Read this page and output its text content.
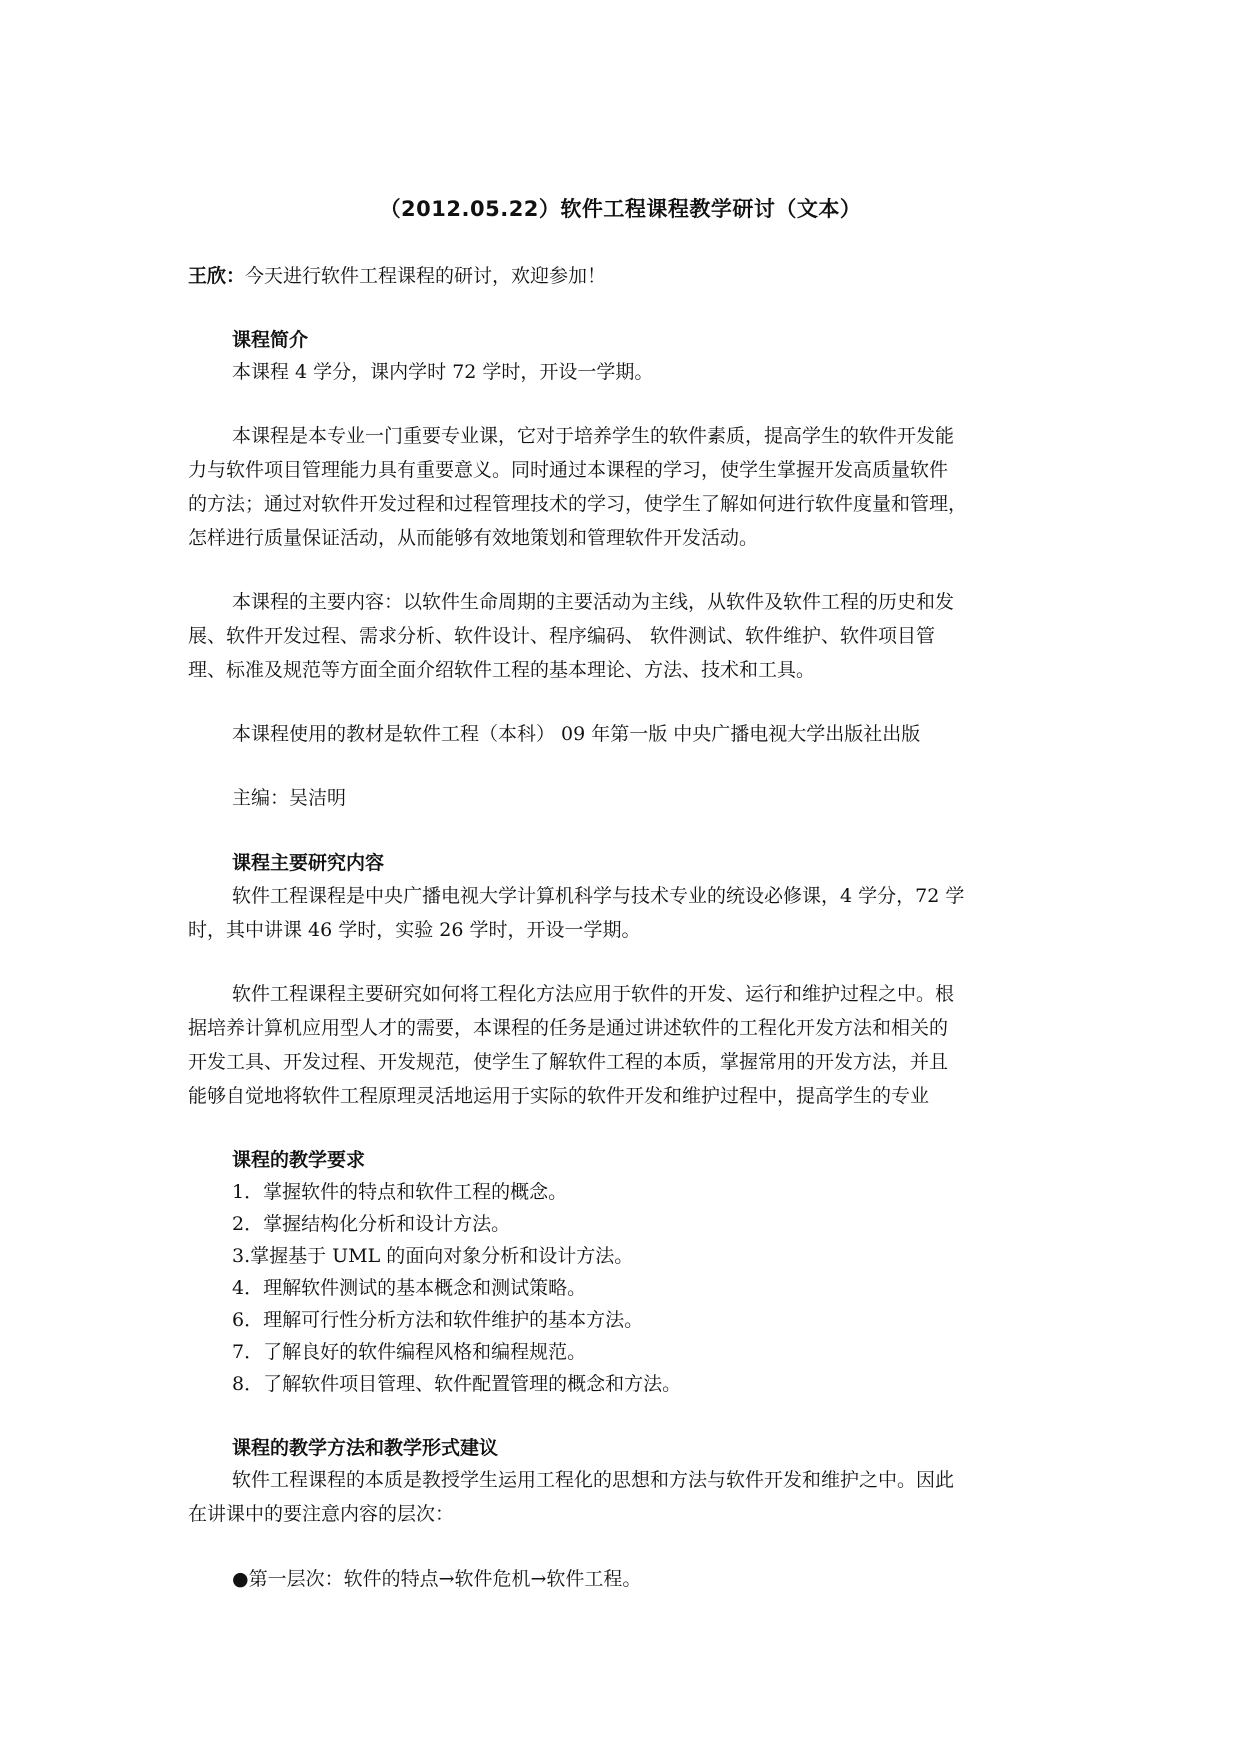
（2012.05.22）软件工程课程教学研讨（文本）
王欣：今天进行软件工程课程的研讨，欢迎参加！
课程简介
本课程 4 学分，课内学时 72 学时，开设一学期。
本课程是本专业一门重要专业课，它对于培养学生的软件素质，提高学生的软件开发能
力与软件项目管理能力具有重要意义。同时通过本课程的学习，使学生掌握开发高质量软件
的方法；通过对软件开发过程和过程管理技术的学习，使学生了解如何进行软件度量和管理，
怎样进行质量保证活动，从而能够有效地策划和管理软件开发活动。
本课程的主要内容：以软件生命周期的主要活动为主线，从软件及软件工程的历史和发
展、软件开发过程、需求分析、软件设计、程序编码、 软件测试、软件维护、软件项目管
理、标准及规范等方面全面介绍软件工程的基本理论、方法、技术和工具。
本课程使用的教材是软件工程（本科） 09 年第一版 中央广播电视大学出版社出版
主编：吴洁明
课程主要研究内容
软件工程课程是中央广播电视大学计算机科学与技术专业的统设必修课，4 学分，72 学
时，其中讲课 46 学时，实验 26 学时，开设一学期。
软件工程课程主要研究如何将工程化方法应用于软件的开发、运行和维护过程之中。根
据培养计算机应用型人才的需要，本课程的任务是通过讲述软件的工程化开发方法和相关的
开发工具、开发过程、开发规范，使学生了解软件工程的本质，掌握常用的开发方法，并且
能够自觉地将软件工程原理灵活地运用于实际的软件开发和维护过程中，提高学生的专业
课程的教学要求
1．掌握软件的特点和软件工程的概念。
2．掌握结构化分析和设计方法。
3.掌握基于 UML 的面向对象分析和设计方法。
4．理解软件测试的基本概念和测试策略。
6．理解可行性分析方法和软件维护的基本方法。
7．了解良好的软件编程风格和编程规范。
8．了解软件项目管理、软件配置管理的概念和方法。
课程的教学方法和教学形式建议
软件工程课程的本质是教授学生运用工程化的思想和方法与软件开发和维护之中。因此
在讲课中的要注意内容的层次：
●第一层次：软件的特点→软件危机→软件工程。
